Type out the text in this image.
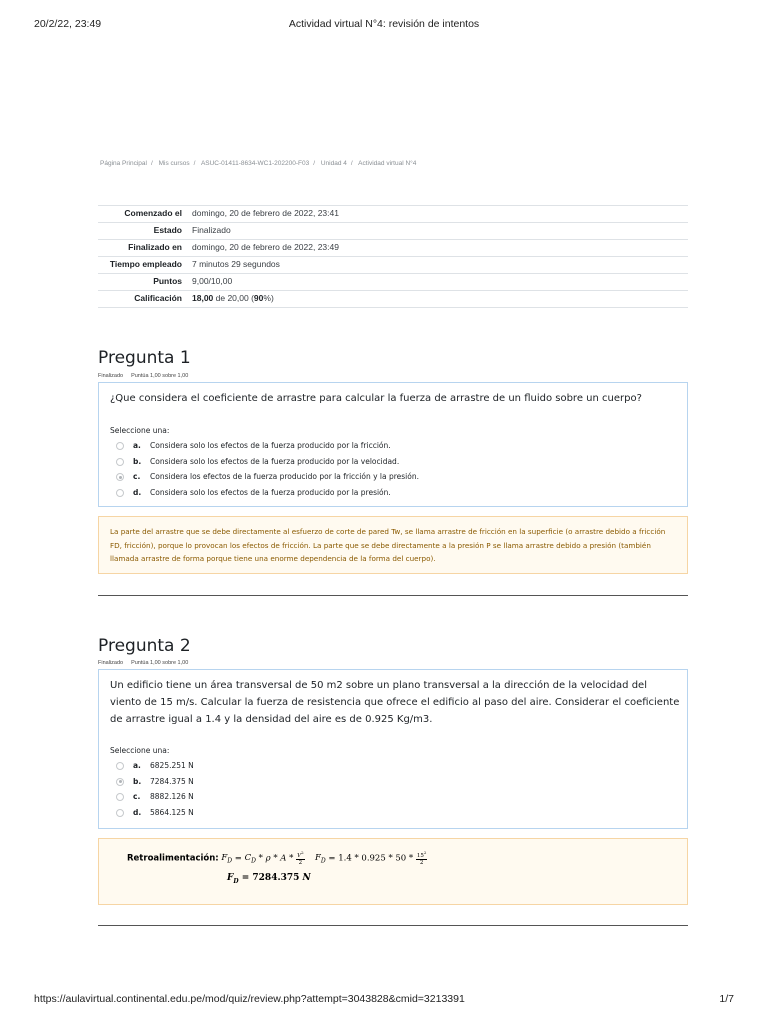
20/2/22, 23:49	Actividad virtual N°4: revisión de intentos
Página Principal / Mis cursos / ASUC-01411-8634-WC1-202200-F03 / Unidad 4 / Actividad virtual N°4
Comenzado el	domingo, 20 de febrero de 2022, 23:41
Estado	Finalizado
Finalizado en	domingo, 20 de febrero de 2022, 23:49
Tiempo empleado	7 minutos 29 segundos
Puntos	9,00/10,00
Calificación	18,00 de 20,00 (90%)
Pregunta 1
Finalizado Puntúa 1,00 sobre 1,00
¿Que considera el coeficiente de arrastre para calcular la fuerza de arrastre de un fluido sobre un cuerpo?
Seleccione una:
a. Considera solo los efectos de la fuerza producido por la fricción.
b. Considera solo los efectos de la fuerza producido por la velocidad.
c. Considera los efectos de la fuerza producido por la fricción y la presión.
d. Considera solo los efectos de la fuerza producido por la presión.
La parte del arrastre que se debe directamente al esfuerzo de corte de pared Tw, se llama arrastre de fricción en la superficie (o arrastre debido a fricción FD, fricción), porque lo provocan los efectos de fricción. La parte que se debe directamente a la presión P se llama arrastre debido a presión (también llamada arrastre de forma porque tiene una enorme dependencia de la forma del cuerpo).
Pregunta 2
Finalizado Puntúa 1,00 sobre 1,00
Un edificio tiene un área transversal de 50 m2 sobre un plano transversal a la dirección de la velocidad del viento de 15 m/s. Calcular la fuerza de resistencia que ofrece el edificio al paso del aire. Considerar el coeficiente de arrastre igual a 1.4 y la densidad del aire es de 0.925 Kg/m3.
Seleccione una:
a. 6825.251 N
b. 7284.375 N
c. 8882.126 N
d. 5864.125 N
Retroalimentación: $F_D = C_D * \rho * A * \frac{V^2}{2} F_D = 1.4 * 0.925 * 50 * \frac{15^2}{2}$
$F_D = 7284.375$ N
https://aulavirtual.continental.edu.pe/mod/quiz/review.php?attempt=3043828&cmid=3213391	1/7
